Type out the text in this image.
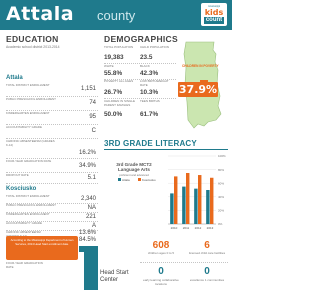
Attala county
mississippi
kids
count
EDUCATION
Academic school district 2013-2014
Attala
TOTAL DISTRICT ENROLLMENT
1,151
PUBLIC PRESCHOOL ENROLLMENT
74
KINDERGARTEN ENROLLMENT
95
ACCOUNTABILITY GRADE
C
CHRONIC ABSENTEEISM (GRADES K-12)
16.2%
FOUR-YEAR GRADUATION RATE
34.9%
DROPOUT RATE	5.1
Kosciusko
TOTAL DISTRICT ENROLLMENT	2,340
PUBLIC PRESCHOOL ENROLLMENT	NA
KINDERGARTEN ENROLLMENT	221
ACCOUNTABILITY GRADE	A
CHRONIC ABSENTEEISM	13.6%
FOUR-YEAR GRADUATION RATE
84.5%
According to the Mississippi Department of Human Services, 2014 Head Start enrollment data.
DEMOGRAPHICS
TOTAL POPULATION
19,383
CHILD POPULATION
23.5
WHITE
55.8%
BLACK
42.3%
POVERTY ALL AGES
26.7%
LOW BIRTHWEIGHT RATE
10.3%
CHILDREN IN SINGLE PARENT FAMILIES
50.0%
TEEN BIRTHS
61.7%
CHILDREN IN POVERTY
37.9%
3RD GRADE LITERACY
3rd Grade MCT2 Language Arts
proficient and advanced
Attala	Kosciusko
0%
20%
40%
60%
80%
100%
2010 2011 2012 2013
Head Start Center
608
children ages 0 to 5
6
licensed child care facilities
0
early learning collaborative locations
0
excellence 1 communities
